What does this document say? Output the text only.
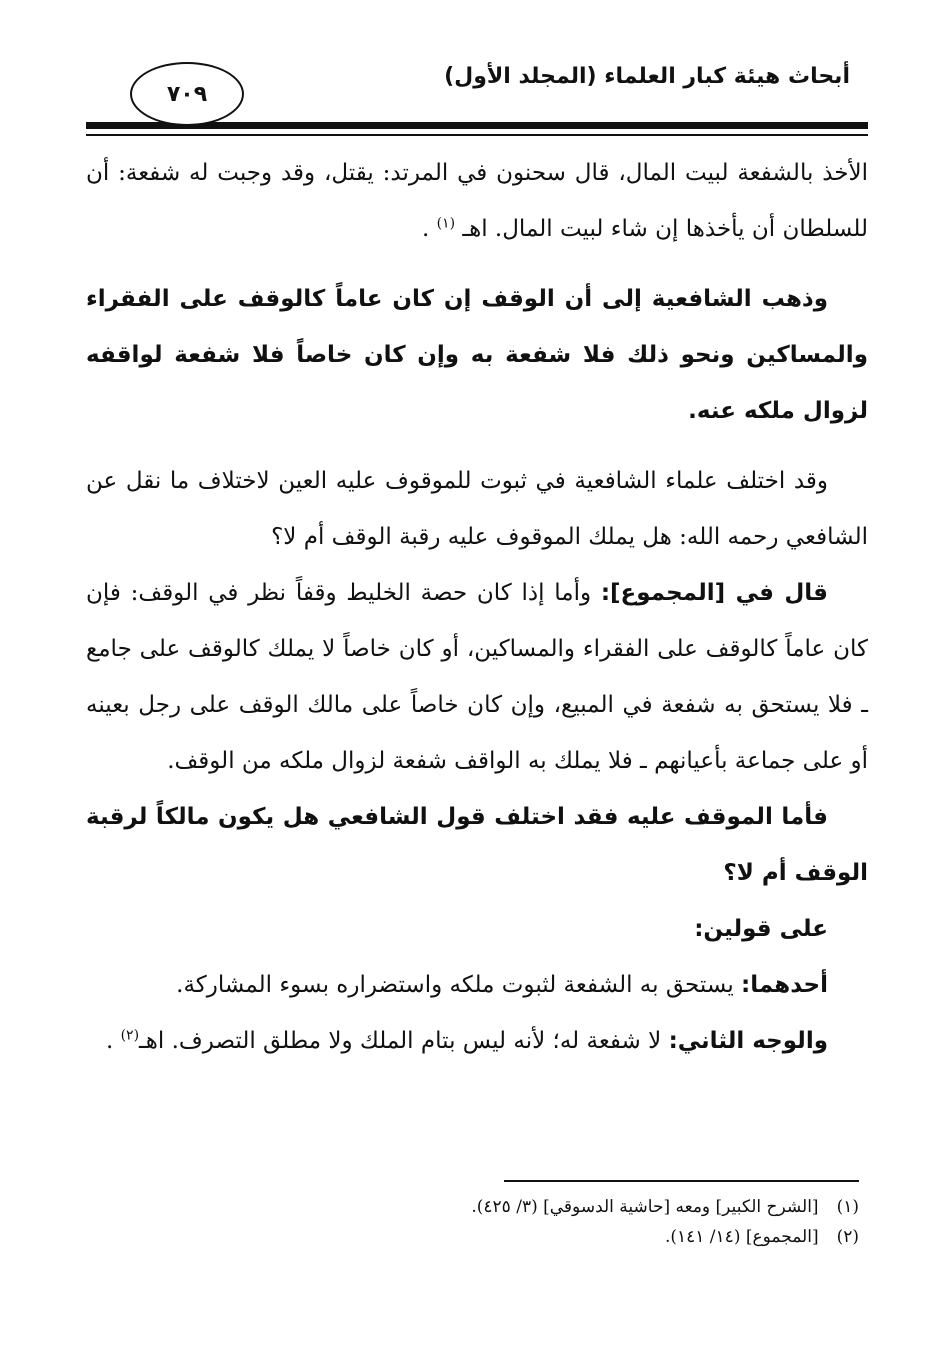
أبحاث هيئة كبار العلماء (المجلد الأول)
٧٠٩

الأخذ بالشفعة لبيت المال، قال سحنون في المرتد: يقتل، وقد وجبت له شفعة: أن للسلطان أن يأخذها إن شاء لبيت المال. اهـ $^{(١)}$ .

وذهب الشافعية إلى أن الوقف إن كان عاماً كالوقف على الفقراء والمساكين ونحو ذلك فلا شفعة به وإن كان خاصاً فلا شفعة لواقفه لزوال ملكه عنه.

وقد اختلف علماء الشافعية في ثبوت للموقوف عليه العين لاختلاف ما نقل عن الشافعي رحمه الله: هل يملك الموقوف عليه رقبة الوقف أم لا؟

قال في [المجموع]: وأما إذا كان حصة الخليط وقفاً نظر في الوقف: فإن كان عاماً كالوقف على الفقراء والمساكين، أو كان خاصاً لا يملك كالوقف على جامع ـ فلا يستحق به شفعة في المبيع، وإن كان خاصاً على مالك الوقف على رجل بعينه أو على جماعة بأعيانهم ـ فلا يملك به الواقف شفعة لزوال ملكه من الوقف.

فأما الموقف عليه فقد اختلف قول الشافعي هل يكون مالكاً لرقبة الوقف أم لا؟

على قولين:

أحدهما: يستحق به الشفعة لثبوت ملكه واستضراره بسوء المشاركة.

والوجه الثاني: لا شفعة له؛ لأنه ليس بتام الملك ولا مطلق التصرف. اهـ$^{(٢)}$ .

(١)
[الشرح الكبير] ومعه [حاشية الدسوقي] (٣/ ٤٢٥).
(٢)
[المجموع] (١٤/ ١٤١).
